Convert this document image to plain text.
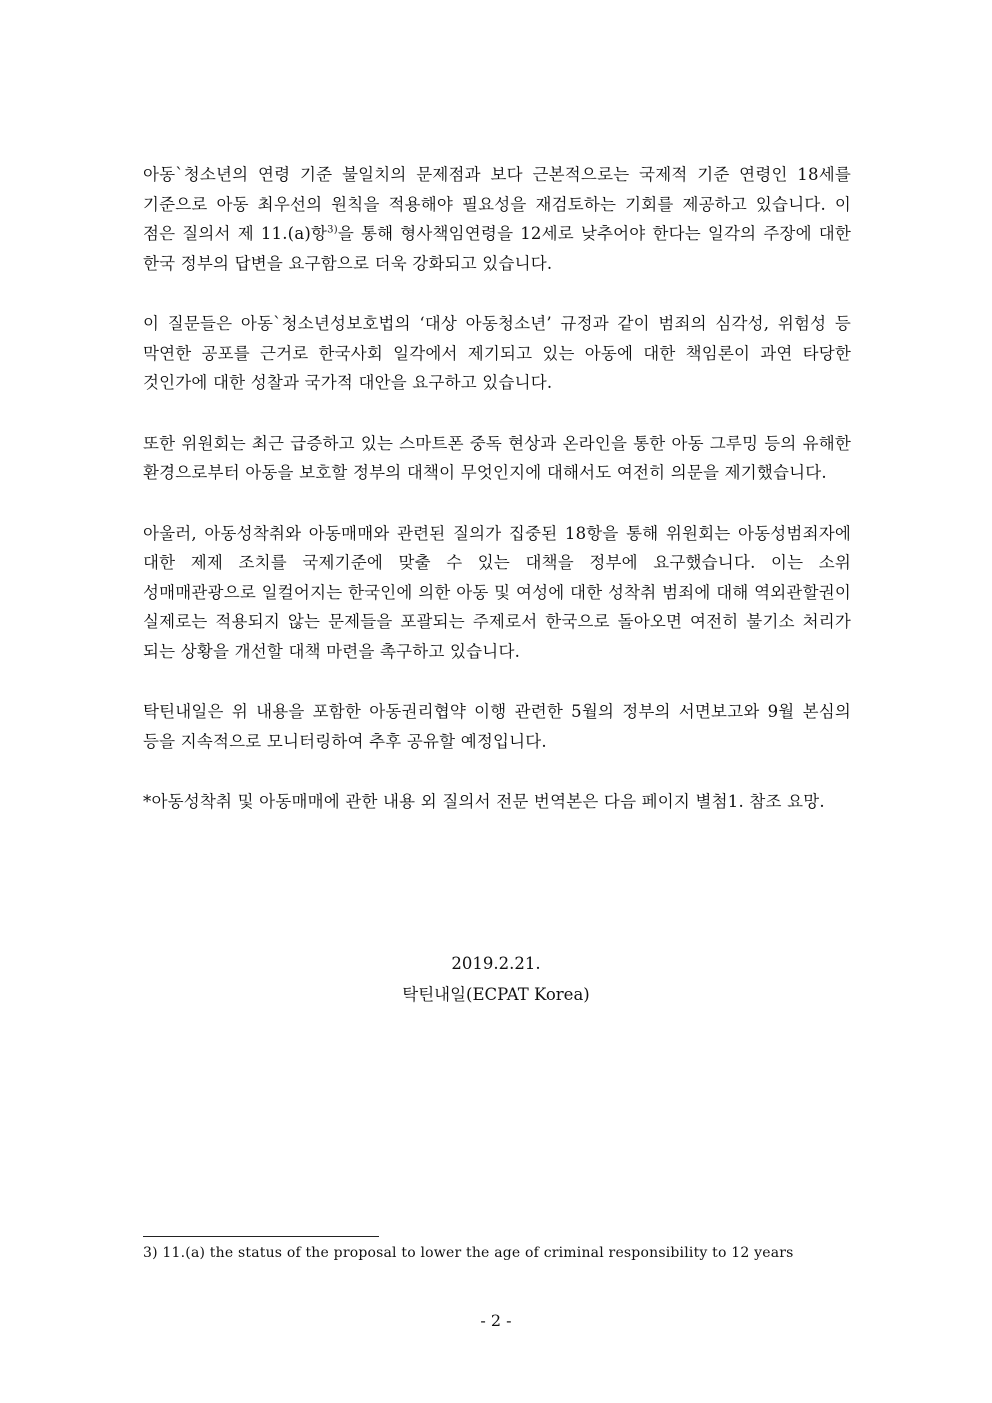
아동`청소년의 연령 기준 불일치의 문제점과 보다 근본적으로는 국제적 기준 연령인 18세를 기준으로 아동 최우선의 원칙을 적용해야 필요성을 재검토하는 기회를 제공하고 있습니다. 이 점은 질의서 제 11.(a)항$^{3)}$을 통해 형사책임연령을 12세로 낮추어야 한다는 일각의 주장에 대한 한국 정부의 답변을 요구함으로 더욱 강화되고 있습니다.

이 질문들은 아동`청소년성보호법의 ‘대상 아동청소년’ 규정과 같이 범죄의 심각성, 위험성 등 막연한 공포를 근거로 한국사회 일각에서 제기되고 있는 아동에 대한 책임론이 과연 타당한 것인가에 대한 성찰과 국가적 대안을 요구하고 있습니다.

또한 위원회는 최근 급증하고 있는 스마트폰 중독 현상과 온라인을 통한 아동 그루밍 등의 유해한 환경으로부터 아동을 보호할 정부의 대책이 무엇인지에 대해서도 여전히 의문을 제기했습니다.

아울러, 아동성착취와 아동매매와 관련된 질의가 집중된 18항을 통해 위원회는 아동성범죄자에 대한 제제 조치를 국제기준에 맞출 수 있는 대책을 정부에 요구했습니다. 이는 소위 성매매관광으로 일컬어지는 한국인에 의한 아동 및 여성에 대한 성착취 범죄에 대해 역외관할권이 실제로는 적용되지 않는 문제들을 포괄되는 주제로서 한국으로 돌아오면 여전히 불기소 처리가 되는 상황을 개선할 대책 마련을 촉구하고 있습니다.

탁틴내일은 위 내용을 포함한 아동권리협약 이행 관련한 5월의 정부의 서면보고와 9월 본심의 등을 지속적으로 모니터링하여 추후 공유할 예정입니다.

*아동성착취 및 아동매매에 관한 내용 외 질의서 전문 번역본은 다음 페이지 별첨1. 참조 요망.

2019.2.21.
탁틴내일(ECPAT Korea)
3) 11.(a) the status of the proposal to lower the age of criminal responsibility to 12 years
- 2 -
